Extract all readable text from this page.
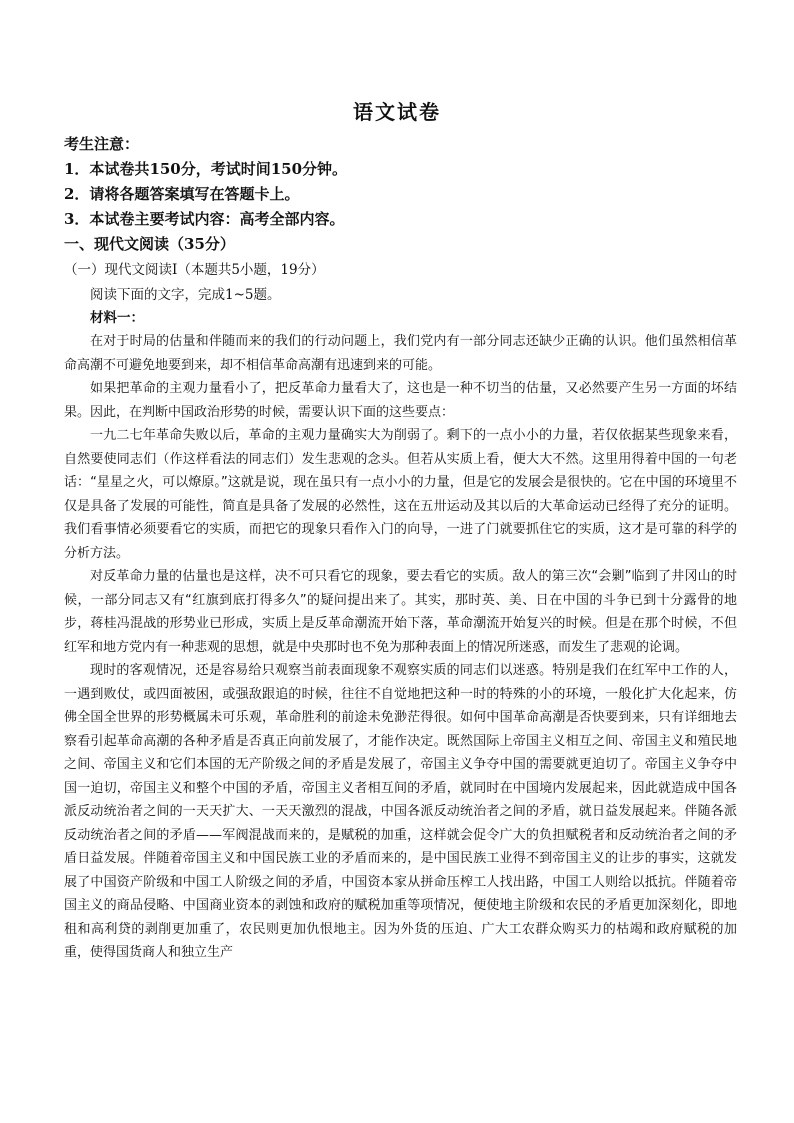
语文试卷
考生注意：
1．本试卷共150分，考试时间150分钟。
2．请将各题答案填写在答题卡上。
3．本试卷主要考试内容：高考全部内容。
一、现代文阅读（35分）
（一）现代文阅读Ⅰ（本题共5小题，19分）
阅读下面的文字，完成1~5题。
材料一：

在对于时局的估量和伴随而来的我们的行动问题上，我们党内有一部分同志还缺少正确的认识。他们虽然相信革命高潮不可避免地要到来，却不相信革命高潮有迅速到来的可能。

如果把革命的主观力量看小了，把反革命力量看大了，这也是一种不切当的估量，又必然要产生另一方面的坏结果。因此，在判断中国政治形势的时候，需要认识下面的这些要点：

一九二七年革命失败以后，革命的主观力量确实大为削弱了。剩下的一点小小的力量，若仅依据某些现象来看，自然要使同志们（作这样看法的同志们）发生悲观的念头。但若从实质上看，便大大不然。这里用得着中国的一句老话：“星星之火，可以燎原。”这就是说，现在虽只有一点小小的力量，但是它的发展会是很快的。它在中国的环境里不仅是具备了发展的可能性，简直是具备了发展的必然性，这在五卅运动及其以后的大革命运动已经得了充分的证明。我们看事情必须要看它的实质，而把它的现象只看作入门的向导，一进了门就要抓住它的实质，这才是可靠的科学的分析方法。

对反革命力量的估量也是这样，决不可只看它的现象，要去看它的实质。敌人的第三次“会剿”临到了井冈山的时候，一部分同志又有“红旗到底打得多久”的疑问提出来了。其实，那时英、美、日在中国的斗争已到十分露骨的地步，蒋桂冯混战的形势业已形成，实质上是反革命潮流开始下落，革命潮流开始复兴的时候。但是在那个时候，不但红军和地方党内有一种悲观的思想，就是中央那时也不免为那种表面上的情况所迷惑，而发生了悲观的论调。

现时的客观情况，还是容易给只观察当前表面现象不观察实质的同志们以迷惑。特别是我们在红军中工作的人，一遇到败仗，或四面被困，或强敌跟追的时候，往往不自觉地把这种一时的特殊的小的环境，一般化扩大化起来，仿佛全国全世界的形势概属未可乐观，革命胜利的前途未免渺茫得很。如何中国革命高潮是否快要到来，只有详细地去察看引起革命高潮的各种矛盾是否真正向前发展了，才能作决定。既然国际上帝国主义相互之间、帝国主义和殖民地之间、帝国主义和它们本国的无产阶级之间的矛盾是发展了，帝国主义争夺中国的需要就更迫切了。帝国主义争夺中国一迫切，帝国主义和整个中国的矛盾，帝国主义者相互间的矛盾，就同时在中国境内发展起来，因此就造成中国各派反动统治者之间的一天天扩大、一天天激烈的混战，中国各派反动统治者之间的矛盾，就日益发展起来。伴随各派反动统治者之间的矛盾——军阀混战而来的，是赋税的加重，这样就会促令广大的负担赋税者和反动统治者之间的矛盾日益发展。伴随着帝国主义和中国民族工业的矛盾而来的，是中国民族工业得不到帝国主义的让步的事实，这就发展了中国资产阶级和中国工人阶级之间的矛盾，中国资本家从拼命压榨工人找出路，中国工人则给以抵抗。伴随着帝国主义的商品侵略、中国商业资本的剥蚀和政府的赋税加重等项情况，便使地主阶级和农民的矛盾更加深刻化，即地租和高利贷的剥削更加重了，农民则更加仇恨地主。因为外货的压迫、广大工农群众购买力的枯竭和政府赋税的加重，使得国货商人和独立生产
